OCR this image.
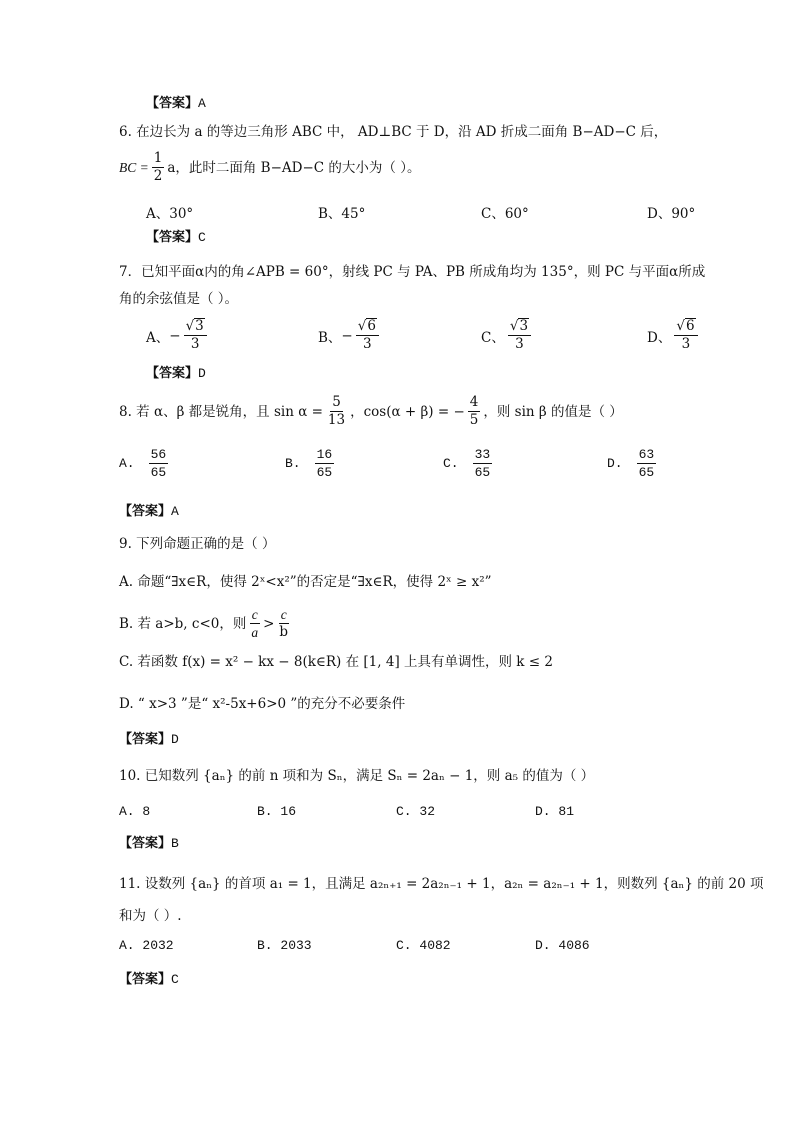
【答案】A
6. 在边长为 a 的等边三角形 ABC 中， AD⊥BC 于 D，沿 AD 折成二面角 B−AD−C 后，
BC = $\frac{1}{2}$ a，此时二面角 B−AD−C 的大小为（ ）。
A、30°	B、45°	C、60°	D、90°
【答案】C
7．已知平面α内的角∠APB = 60°，射线 PC 与 PA、PB 所成角均为 135°，则 PC 与平面α所成
角的余弦值是（ ）。
A、 − $\frac{√ 3}{3}$	B、 − $\frac{√ 6}{3}$	C、 $\frac{√ 3}{3}$	D、 $\frac{√ 6}{3}$
【答案】D
8. 若 α、β 都是锐角，且 $\sin \alpha = \frac{5}{13}$ ，cos(α + β) = − $\frac{4}{5}$ ，则 sin β 的值是（ ）
A. $\frac{56}{65}$	B. $\frac{16}{65}$	C. $\frac{33}{65}$	D. $\frac{63}{65}$
【答案】A
9. 下列命题正确的是（ ）
A. 命题“∃x∈R，使得 2ˣ<x²”的否定是“∃x∈R，使得 2ˣ ≥ x²”
B. 若 a>b, c<0，则 $\frac{c}{a} > \frac{c}{b}$
C. 若函数 f(x) = x² − kx − 8(k∈R) 在 [1, 4] 上具有单调性，则 k ≤ 2
D. “ x>3 ”是“ x²-5x+6>0 ”的充分不必要条件
【答案】D
10. 已知数列 {aₙ} 的前 n 项和为 Sₙ，满足 Sₙ = 2aₙ − 1，则 a₅ 的值为（ ）
A. 8	B. 16	C. 32	D. 81
【答案】B
11. 设数列 {aₙ} 的首项 a₁ = 1，且满足 a₂ₙ₊₁ = 2a₂ₙ₋₁ + 1，a₂ₙ = a₂ₙ₋₁ + 1，则数列 {aₙ} 的前 20 项
和为（ ）.
A. 2032	B. 2033	C. 4082	D. 4086
【答案】C
